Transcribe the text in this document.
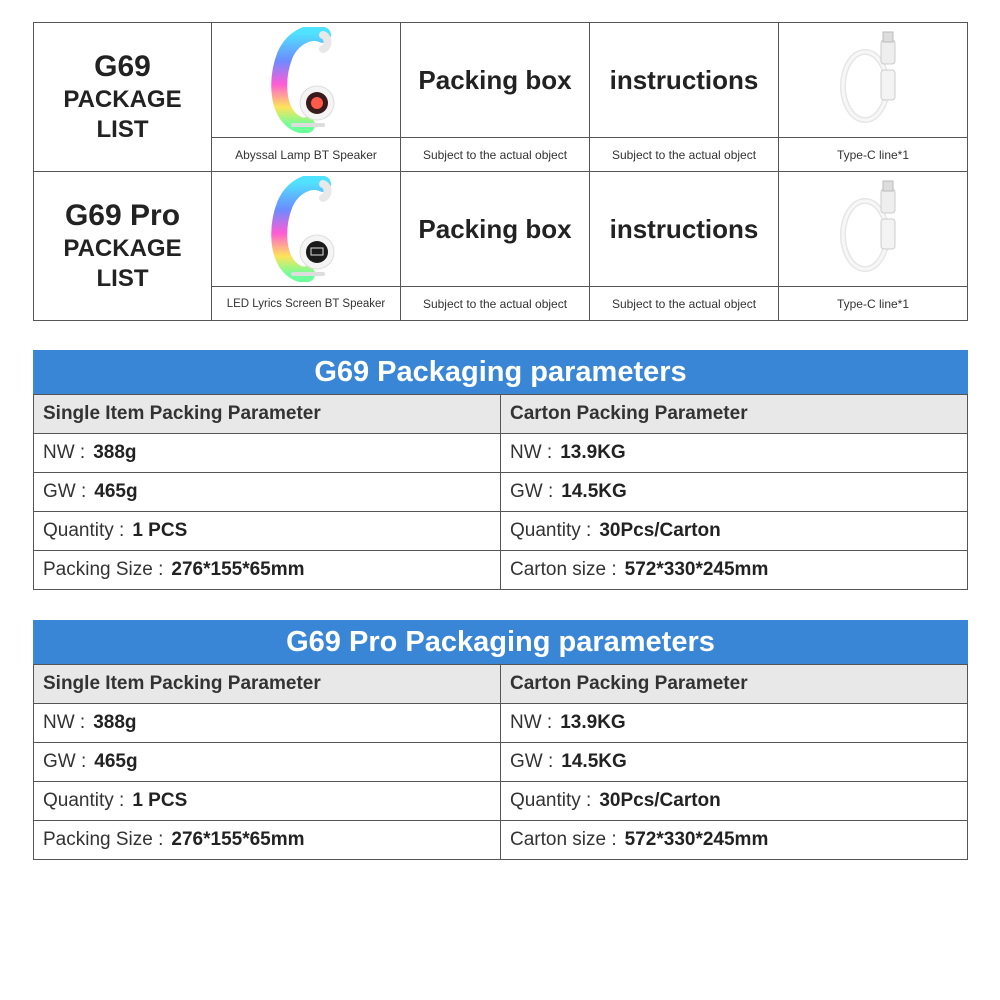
G69
PACKAGE
LIST		Packing box	instructions	

	Abyssal Lamp BT Speaker	Subject to the actual object	Subject to the actual object	Type-C line*1

G69 Pro
PACKAGE
LIST		Packing box	instructions	

	LED Lyrics Screen BT Speaker	Subject to the actual object	Subject to the actual object	Type-C line*1
G69 Packaging parameters
Single Item Packing Parameter	Carton Packing Parameter
NW : 388g	NW : 13.9KG
GW : 465g	GW : 14.5KG
Quantity : 1 PCS	Quantity : 30Pcs/Carton
Packing Size : 276*155*65mm	Carton size : 572*330*245mm
G69 Pro Packaging parameters
Single Item Packing Parameter	Carton Packing Parameter
NW : 388g	NW : 13.9KG
GW : 465g	GW : 14.5KG
Quantity : 1 PCS	Quantity : 30Pcs/Carton
Packing Size : 276*155*65mm	Carton size : 572*330*245mm
